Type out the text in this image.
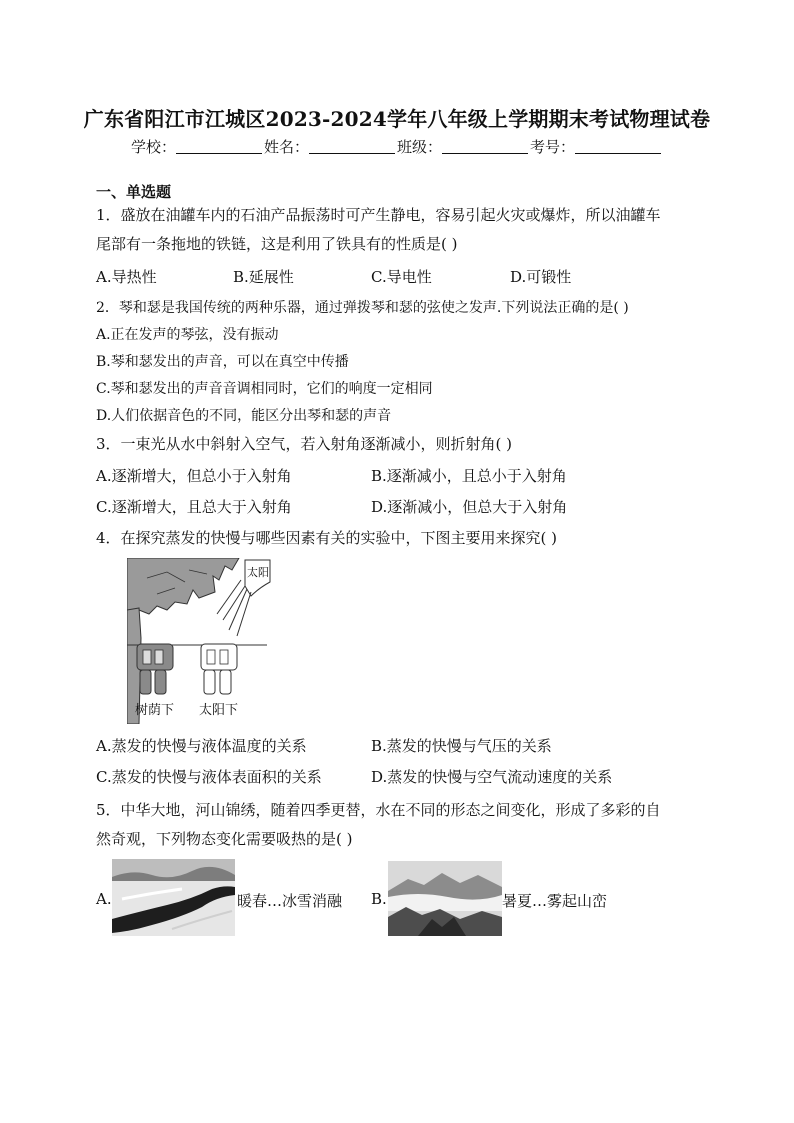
广东省阳江市江城区2023-2024学年八年级上学期期末考试物理试卷
学校：	姓名：	班级：	考号：
一、单选题
1．盛放在油罐车内的石油产品振荡时可产生静电，容易引起火灾或爆炸，所以油罐车
尾部有一条拖地的铁链，这是利用了铁具有的性质是( )
A.导热性	B.延展性	C.导电性	D.可锻性
2．琴和瑟是我国传统的两种乐器，通过弹拨琴和瑟的弦使之发声.下列说法正确的是( )
A.正在发声的琴弦，没有振动
B.琴和瑟发出的声音，可以在真空中传播
C.琴和瑟发出的声音音调相同时，它们的响度一定相同
D.人们依据音色的不同，能区分出琴和瑟的声音
3．一束光从水中斜射入空气，若入射角逐渐减小，则折射角( )
A.逐渐增大，但总小于入射角	B.逐渐减小，且总小于入射角
C.逐渐增大，且总大于入射角	D.逐渐减小，但总大于入射角
4．在探究蒸发的快慢与哪些因素有关的实验中，下图主要用来探究( )
太阳
树荫下 太阳下
A.蒸发的快慢与液体温度的关系	B.蒸发的快慢与气压的关系
C.蒸发的快慢与液体表面积的关系	D.蒸发的快慢与空气流动速度的关系
5．中华大地，河山锦绣，随着四季更替，水在不同的形态之间变化，形成了多彩的自
然奇观，下列物态变化需要吸热的是( )
A.	暖春…冰雪消融 B.	暑夏…雾起山峦
